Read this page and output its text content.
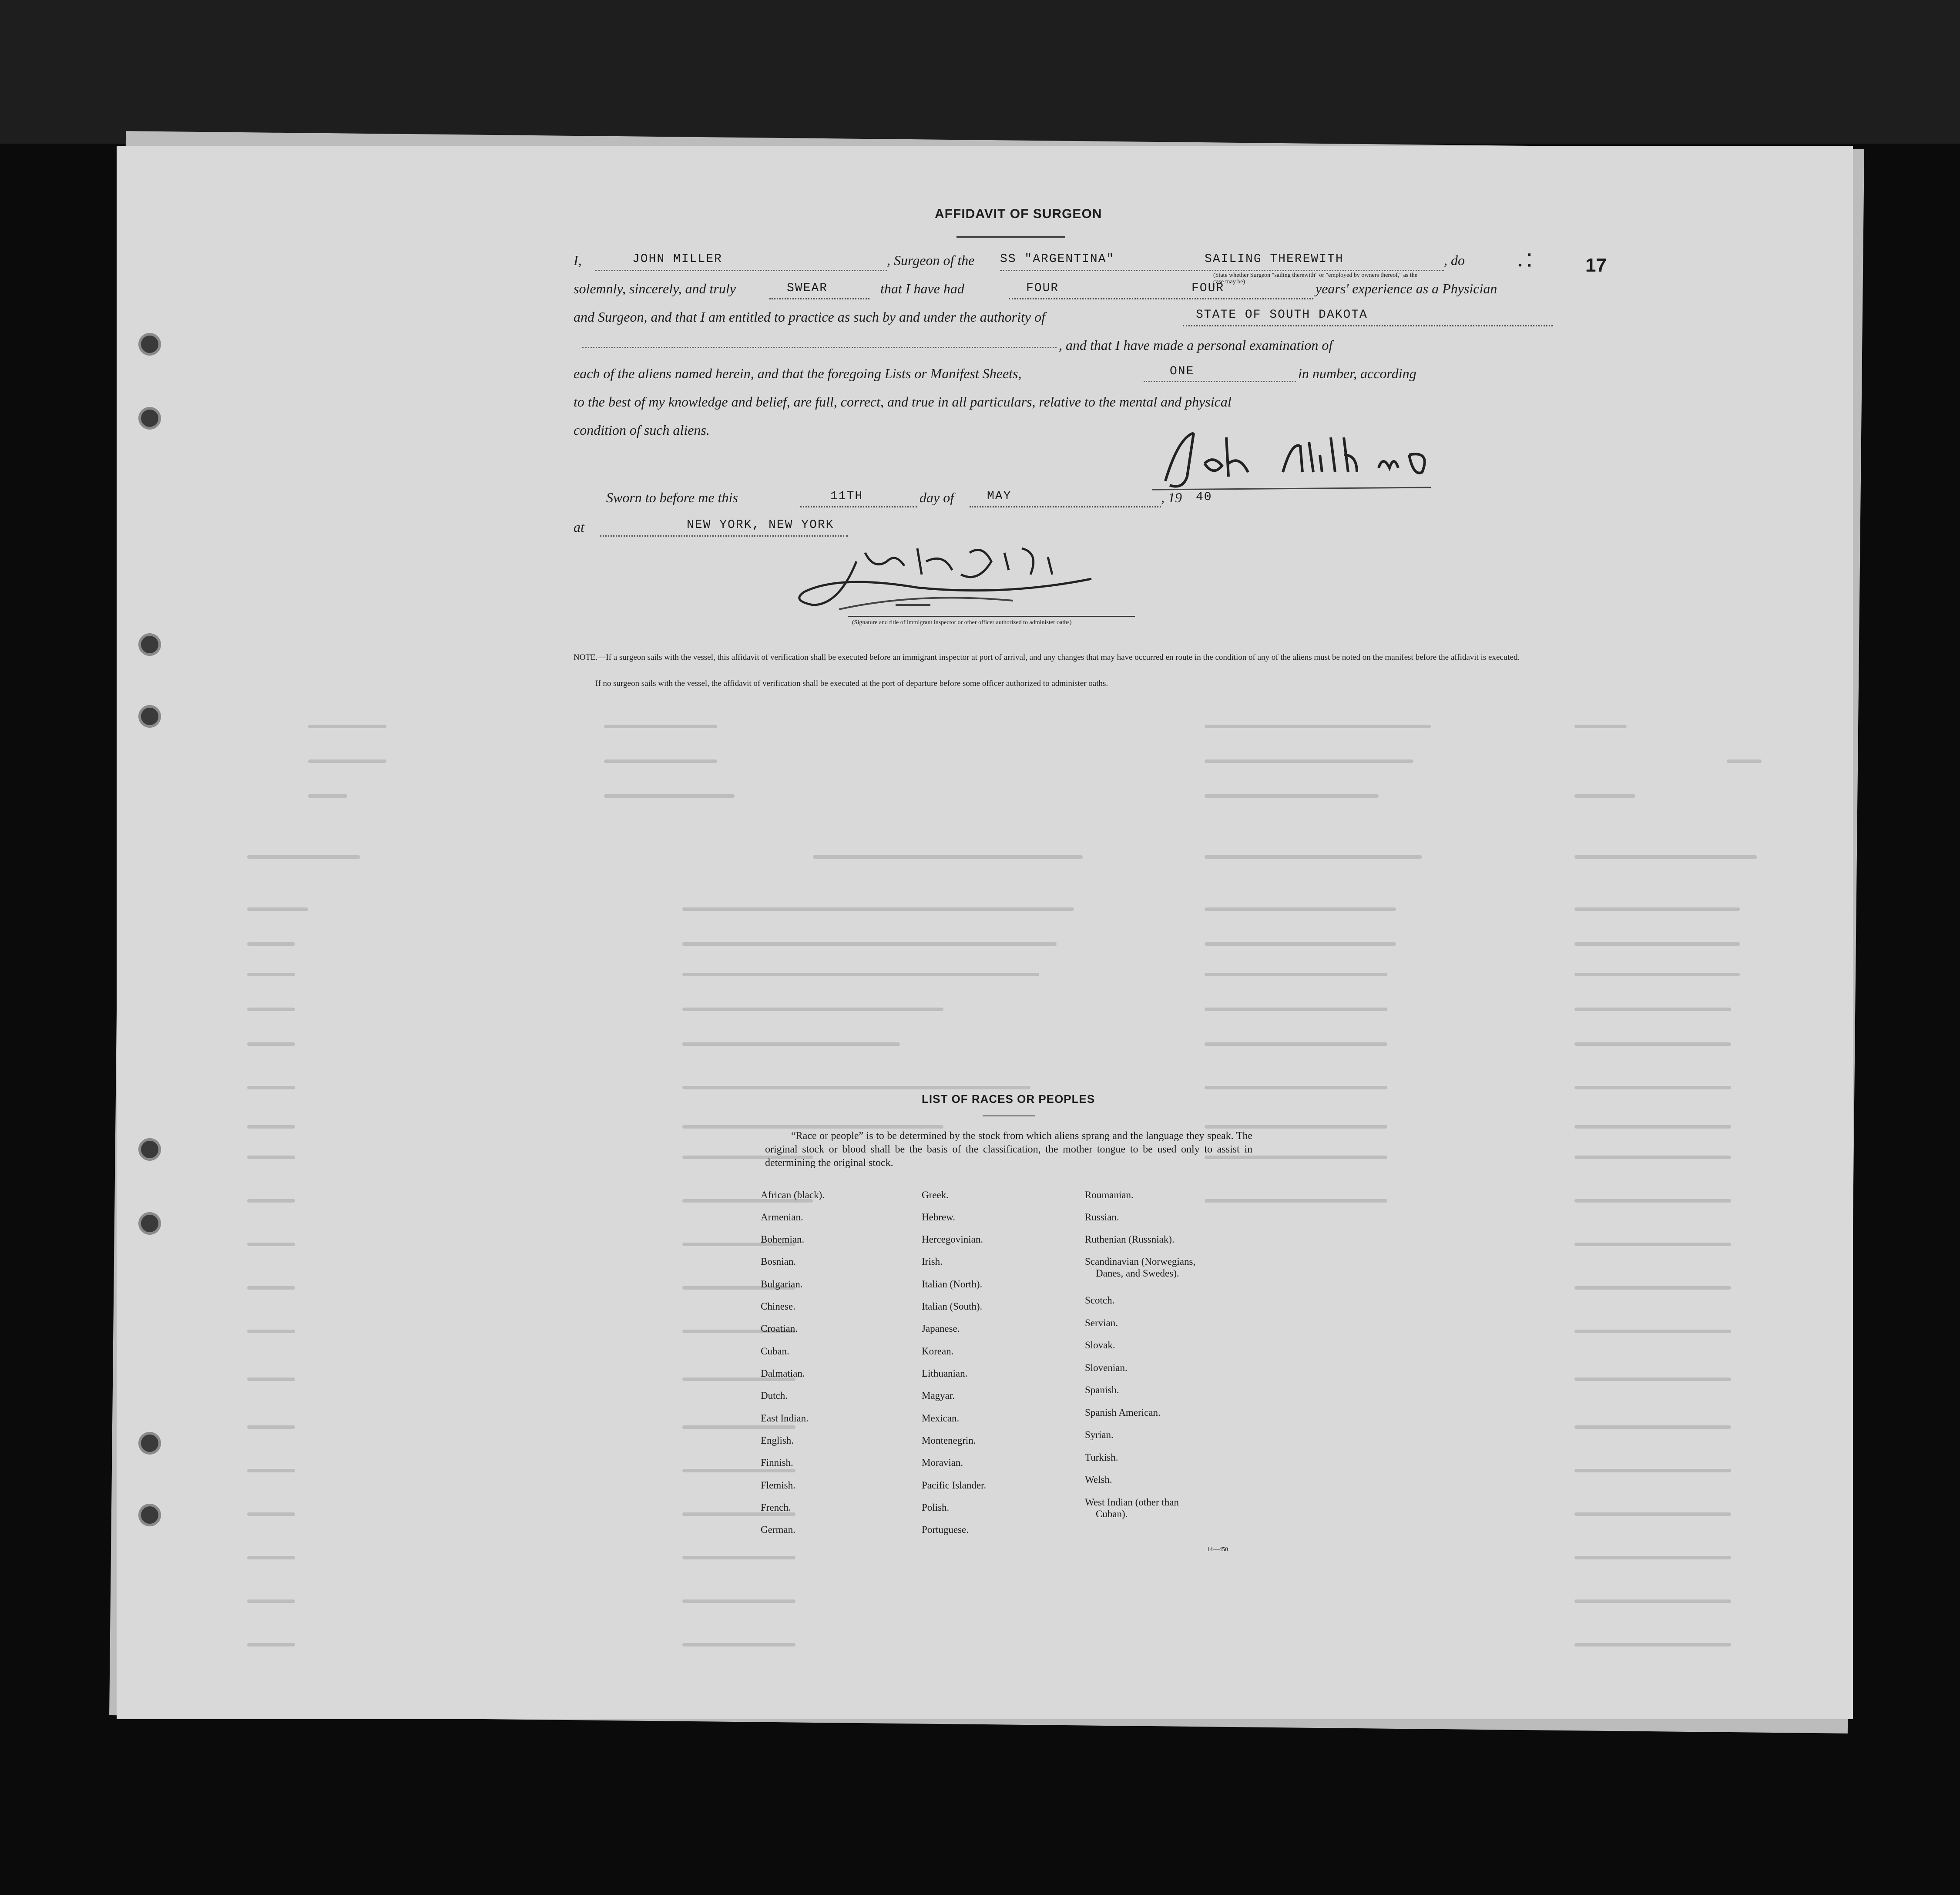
17
. ⁚
AFFIDAVIT OF SURGEON
I,	JOHN MILLER	, Surgeon of the SS "ARGENTINA"	SAILING THEREWITH	, do
(State whether Surgeon "sailing therewith" or "employed by owners thereof," as the case may be)
solemnly, sincerely, and truly	SWEAR	that I have had	FOUR	FOUR	years' experience as a Physician
and Surgeon, and that I am entitled to practice as such by and under the authority of	STATE OF SOUTH DAKOTA
, and that I have made a personal examination of
each of the aliens named herein, and that the foregoing Lists or Manifest Sheets,	ONE	in number, according
to the best of my knowledge and belief, are full, correct, and true in all particulars, relative to the mental and physical
condition of such aliens.
Sworn to before me this	11TH	day of	MAY	, 19 40
at	NEW YORK, NEW YORK
(Signature and title of immigrant inspector or other officer authorized to administer oaths)
NOTE.—If a surgeon sails with the vessel, this affidavit of verification shall be executed before an immigrant inspector at port of arrival, and any changes that may have occurred en route in the condition of any of the aliens must be noted on the manifest before the affidavit is executed.
If no surgeon sails with the vessel, the affidavit of verification shall be executed at the port of departure before some officer authorized to administer oaths.
LIST OF RACES OR PEOPLES
“Race or people” is to be determined by the stock from which aliens sprang and the language they speak. The original stock or blood shall be the basis of the classification, the mother tongue to be used only to assist in determining the original stock.
African (black).
Armenian.
Bohemian.
Bosnian.
Bulgarian.
Chinese.
Croatian.
Cuban.
Dalmatian.
Dutch.
East Indian.
English.
Finnish.
Flemish.
French.
German.
Greek.
Hebrew.
Hercegovinian.
Irish.
Italian (North).
Italian (South).
Japanese.
Korean.
Lithuanian.
Magyar.
Mexican.
Montenegrin.
Moravian.
Pacific Islander.
Polish.
Portuguese.
Roumanian.
Russian.
Ruthenian (Russniak).
Scandinavian (Norwegians,
Danes, and Swedes).
Scotch.
Servian.
Slovak.
Slovenian.
Spanish.
Spanish American.
Syrian.
Turkish.
Welsh.
West Indian (other than
Cuban).
14—450
